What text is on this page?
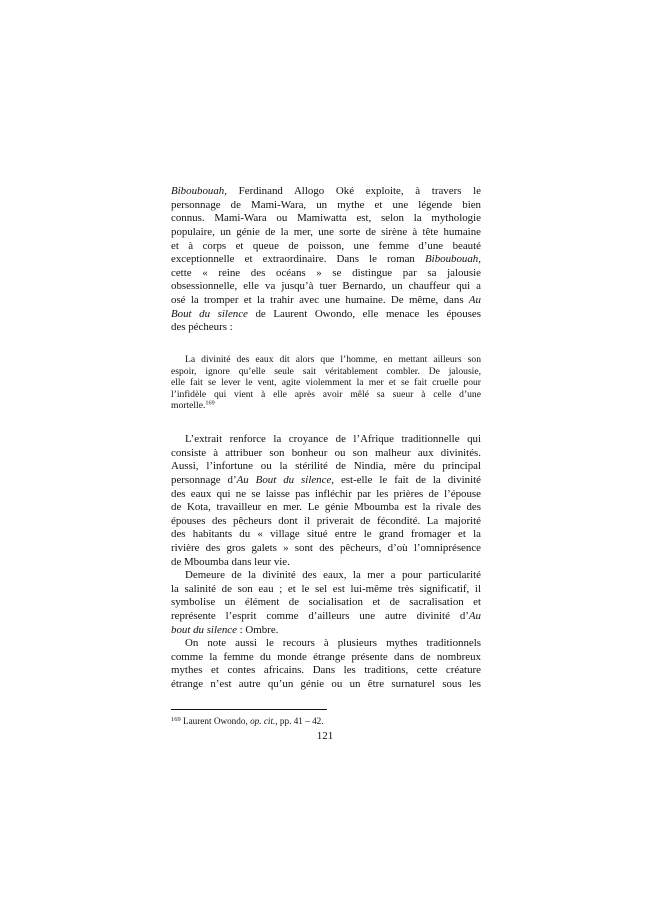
Biboubouah, Ferdinand Allogo Oké exploite, à travers le
personnage de Mami-Wara, un mythe et une légende bien
connus. Mami-Wara ou Mamiwatta est, selon la mythologie
populaire, un génie de la mer, une sorte de sirène à tête humaine
et à corps et queue de poisson, une femme d’une beauté
exceptionnelle et extraordinaire. Dans le roman Biboubouah,
cette « reine des océans » se distingue par sa jalousie
obsessionnelle, elle va jusqu’à tuer Bernardo, un chauffeur qui a
osé la tromper et la trahir avec une humaine. De même, dans Au
Bout du silence de Laurent Owondo, elle menace les épouses
des pécheurs :
La divinité des eaux dit alors que l’homme, en mettant ailleurs son
espoir, ignore qu’elle seule sait véritablement combler. De jalousie,
elle fait se lever le vent, agite violemment la mer et se fait cruelle pour
l’infidèle qui vient à elle après avoir mêlé sa sueur à celle d’une
mortelle.$^{169}$
L’extrait renforce la croyance de l’Afrique traditionnelle qui
consiste à attribuer son bonheur ou son malheur aux divinités.
Aussi, l’infortune ou la stérilité de Nindia, mère du principal
personnage d’Au Bout du silence, est-elle le fait de la divinité
des eaux qui ne se laisse pas infléchir par les prières de l’épouse
de Kota, travailleur en mer. Le génie Mboumba est la rivale des
épouses des pêcheurs dont il priverait de fécondité. La majorité
des habitants du « village situé entre le grand fromager et la
rivière des gros galets » sont des pêcheurs, d’où l’omniprésence
de Mboumba dans leur vie.
Demeure de la divinité des eaux, la mer a pour particularité
la salinité de son eau ; et le sel est lui-même très significatif, il
symbolise un élément de socialisation et de sacralisation et
représente l’esprit comme d’ailleurs une autre divinité d’Au
bout du silence : Ombre.
On note aussi le recours à plusieurs mythes traditionnels
comme la femme du monde étrange présente dans de nombreux
mythes et contes africains. Dans les traditions, cette créature
étrange n’est autre qu’un génie ou un être surnaturel sous les
$^{169}$ Laurent Owondo, op. cit., pp. 41 – 42.
121
